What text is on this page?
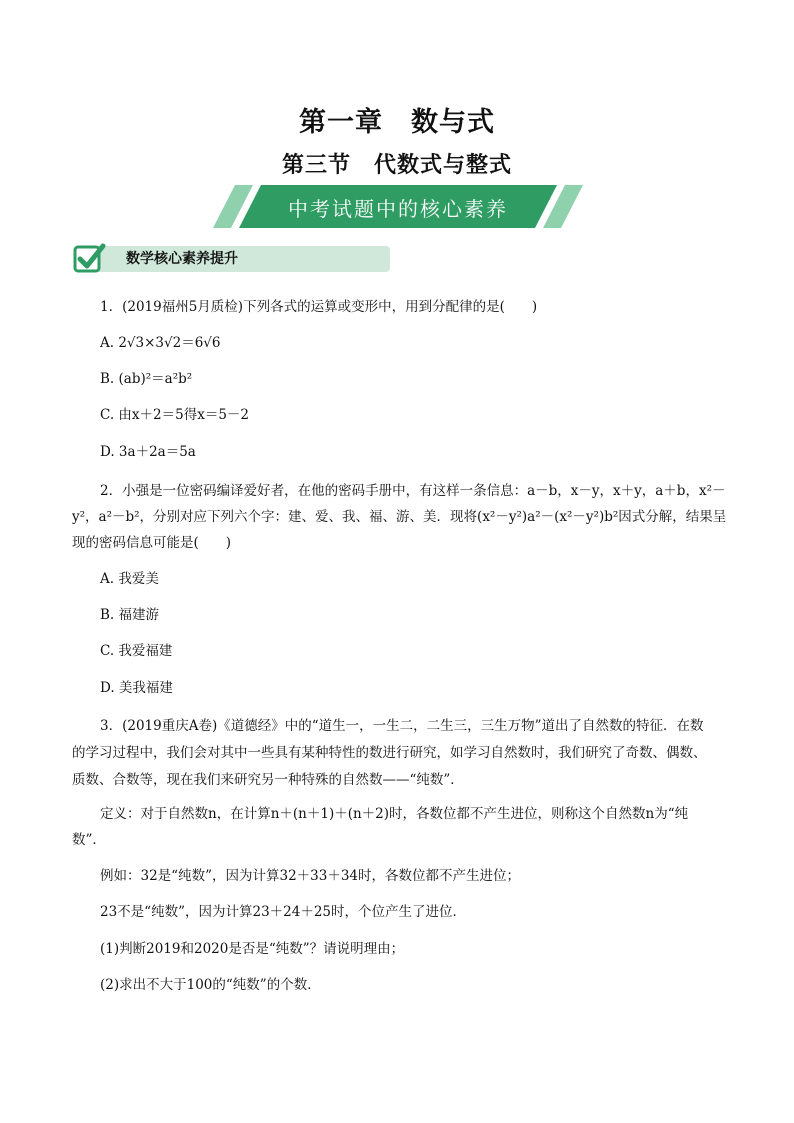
第一章　数与式
第三节　代数式与整式
中考试题中的核心素养
数学核心素养提升
1．(2019福州5月质检)下列各式的运算或变形中，用到分配律的是(　　)
A. 2√3×3√2＝6√6
B. (ab)²＝a²b²
C. 由x＋2＝5得x＝5－2
D. 3a＋2a＝5a
2．小强是一位密码编译爱好者，在他的密码手册中，有这样一条信息：a－b，x－y，x＋y，a＋b，x²－
y²，a²－b²，分别对应下列六个字：建、爱、我、福、游、美．现将(x²－y²)a²－(x²－y²)b²因式分解，结果呈
现的密码信息可能是(　　)
A. 我爱美
B. 福建游
C. 我爱福建
D. 美我福建
3．(2019重庆A卷)《道德经》中的“道生一，一生二，二生三，三生万物”道出了自然数的特征．在数
的学习过程中，我们会对其中一些具有某种特性的数进行研究，如学习自然数时，我们研究了奇数、偶数、
质数、合数等，现在我们来研究另一种特殊的自然数——“纯数”．
定义：对于自然数n，在计算n＋(n＋1)＋(n＋2)时，各数位都不产生进位，则称这个自然数n为“纯
数”．
例如：32是“纯数”，因为计算32＋33＋34时，各数位都不产生进位；
23不是“纯数”，因为计算23＋24＋25时，个位产生了进位．
(1)判断2019和2020是否是“纯数”？请说明理由；
(2)求出不大于100的“纯数”的个数．
